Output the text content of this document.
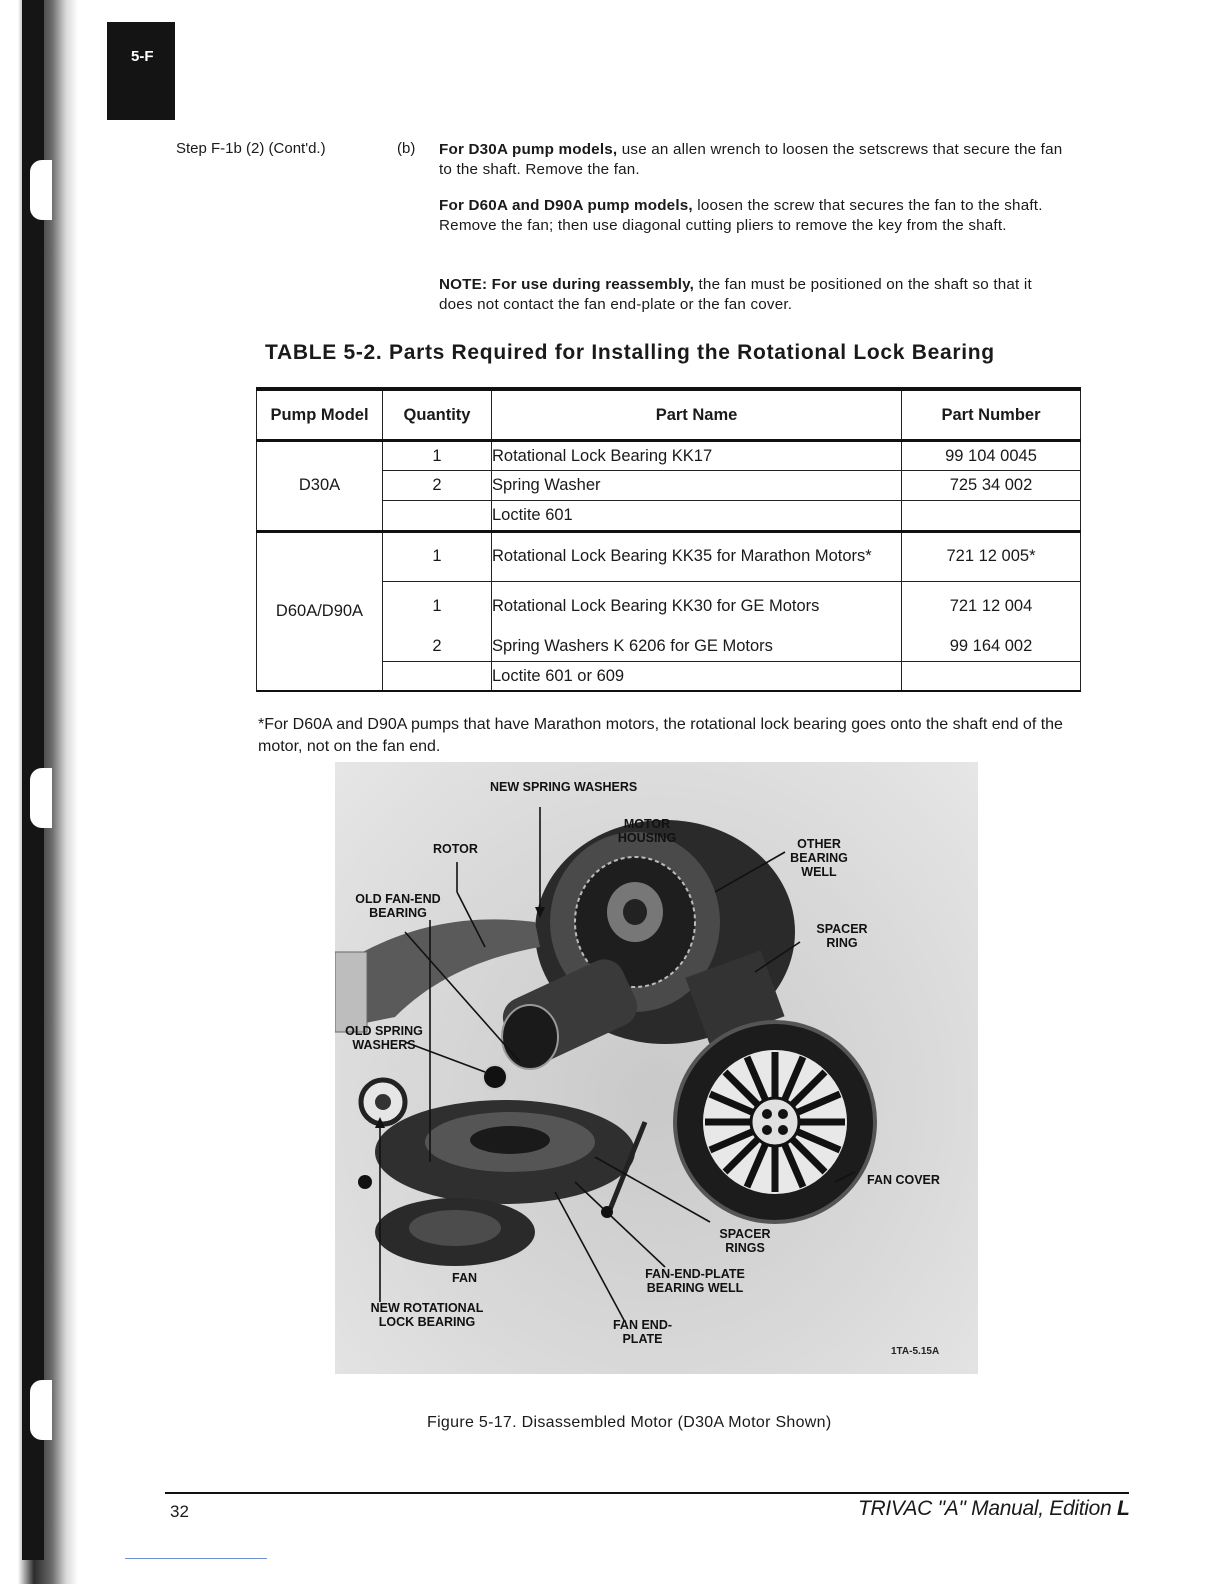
5-F
Step F-1b (2) (Cont'd.)	(b) For D30A pump models, use an allen wrench to loosen the setscrews that secure the fan to the shaft. Remove the fan.

For D60A and D90A pump models, loosen the screw that secures the fan to the shaft. Remove the fan; then use diagonal cutting pliers to remove the key from the shaft.

NOTE: For use during reassembly, the fan must be positioned on the shaft so that it does not contact the fan end-plate or the fan cover.

TABLE 5-2. Parts Required for Installing the Rotational Lock Bearing
Pump Model	Quantity	Part Name	Part Number
D30A	1	Rotational Lock Bearing KK17	99 104 0045
	2	Spring Washer	725 34 002
		Loctite 601	
D60A/D90A	1	Rotational Lock Bearing KK35 for Marathon Motors*	721 12 005*
	1	Rotational Lock Bearing KK30 for GE Motors	721 12 004
	2	Spring Washers K 6206 for GE Motors	99 164 002
		Loctite 601 or 609	
*For D60A and D90A pumps that have Marathon motors, the rotational lock bearing goes onto the shaft end of the motor, not on the fan end.
NEW SPRING WASHERS
MOTOR HOUSING
ROTOR	OTHER BEARING WELL
OLD FAN-END BEARING
SPACER RING
OLD SPRING WASHERS
FAN COVER
SPACER RINGS
FAN	FAN-END-PLATE BEARING WELL
NEW ROTATIONAL LOCK BEARING	FAN END-PLATE
1TA-5.15A
Figure 5-17. Disassembled Motor (D30A Motor Shown)
32	TRIVAC "A" Manual, Edition L
